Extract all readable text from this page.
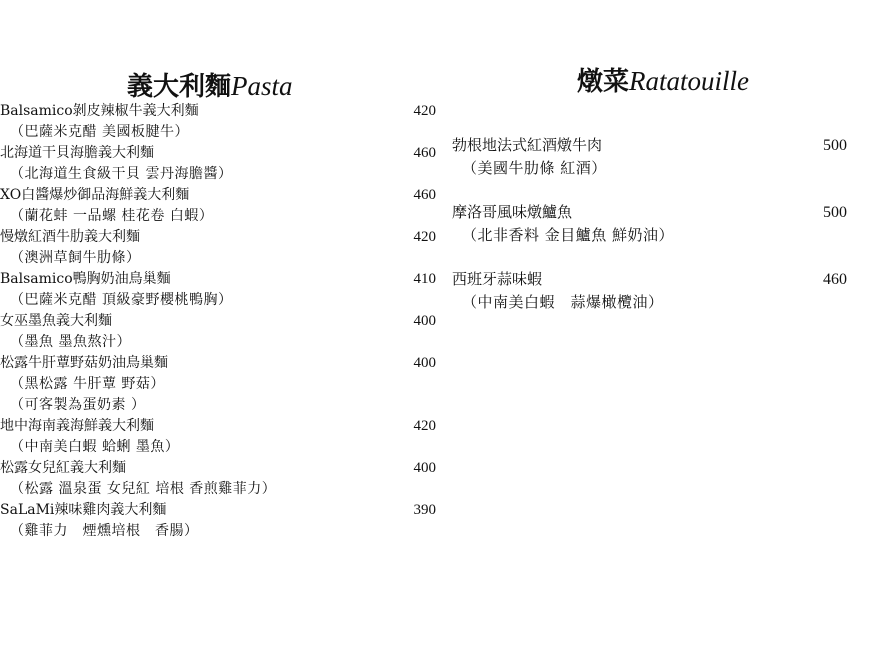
義大利麵Pasta	燉菜Ratatouille
Balsamico剝皮辣椒牛義大利麵
（巴薩米克醋 美國板腱牛）
420
北海道干貝海膽義大利麵
（北海道生食級干貝 雲丹海膽醬）
460
XO白醬爆炒御品海鮮義大利麵
（蘭花蚌 一品螺 桂花卷 白蝦）
460
慢燉紅酒牛肋義大利麵
（澳洲草飼牛肋條）
420
Balsamico鴨胸奶油鳥巢麵
（巴薩米克醋 頂級豪野櫻桃鴨胸）
410
女巫墨魚義大利麵
（墨魚 墨魚熬汁）
400
松露牛肝蕈野菇奶油鳥巢麵
（黑松露 牛肝蕈 野菇）
（可客製為蛋奶素 ）
400
地中海南義海鮮義大利麵
（中南美白蝦 蛤蜊 墨魚）
420
松露女兒紅義大利麵
（松露 溫泉蛋 女兒紅 培根 香煎雞菲力）
400
SaLaMi辣味雞肉義大利麵
（雞菲力　煙燻培根　香腸）
390
勃根地法式紅酒燉牛肉
（美國牛肋條 紅酒）
500
摩洛哥風味燉鱸魚
（北非香料 金目鱸魚 鮮奶油）
500
西班牙蒜味蝦
（中南美白蝦　蒜爆橄欖油）
460
